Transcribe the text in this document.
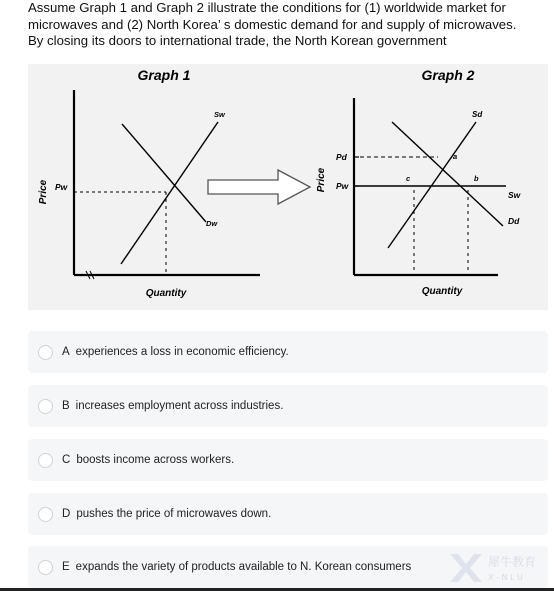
Assume Graph 1 and Graph 2 illustrate the conditions for (1) worldwide market for
microwaves and (2) North Korea’ s domestic demand for and supply of microwaves.
By closing its doors to international trade, the North Korean government

Graph 1
Price Pw
Sw
Dw
Quantity
Graph 2
Price
Pd
Pw
a
b
c
Sd
Sw
Dd
Quantity
A experiences a loss in economic efficiency.
B increases employment across industries.
C boosts income across workers.
D pushes the price of microwaves down.
E expands the variety of products available to N. Korean consumers	犀牛教育
X - N L U
